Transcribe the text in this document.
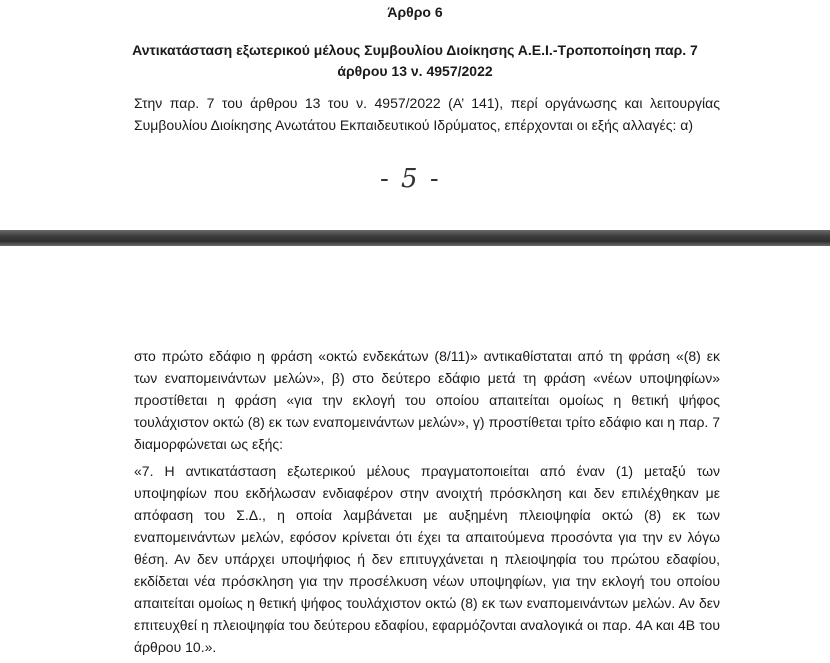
Άρθρο 6
Αντικατάσταση εξωτερικού μέλους Συμβουλίου Διοίκησης Α.Ε.Ι.-Τροποποίηση παρ. 7 άρθρου 13 ν. 4957/2022
Στην παρ. 7 του άρθρου 13 του ν. 4957/2022 (Α’ 141), περί οργάνωσης και λειτουργίας Συμβουλίου Διοίκησης Ανωτάτου Εκπαιδευτικού Ιδρύματος, επέρχονται οι εξής αλλαγές: α)
- 5 -
στο πρώτο εδάφιο η φράση «οκτώ ενδεκάτων (8/11)» αντικαθίσταται από τη φράση «(8) εκ των εναπομεινάντων μελών», β) στο δεύτερο εδάφιο μετά τη φράση «νέων υποψηφίων» προστίθεται η φράση «για την εκλογή του οποίου απαιτείται ομοίως η θετική ψήφος τουλάχιστον οκτώ (8) εκ των εναπομεινάντων μελών», γ) προστίθεται τρίτο εδάφιο και η παρ. 7 διαμορφώνεται ως εξής:
«7. Η αντικατάσταση εξωτερικού μέλους πραγματοποιείται από έναν (1) μεταξύ των υποψηφίων που εκδήλωσαν ενδιαφέρον στην ανοιχτή πρόσκληση και δεν επιλέχθηκαν με απόφαση του Σ.Δ., η οποία λαμβάνεται με αυξημένη πλειοψηφία οκτώ (8) εκ των εναπομεινάντων μελών, εφόσον κρίνεται ότι έχει τα απαιτούμενα προσόντα για την εν λόγω θέση. Αν δεν υπάρχει υποψήφιος ή δεν επιτυγχάνεται η πλειοψηφία του πρώτου εδαφίου, εκδίδεται νέα πρόσκληση για την προσέλκυση νέων υποψηφίων, για την εκλογή του οποίου απαιτείται ομοίως η θετική ψήφος τουλάχιστον οκτώ (8) εκ των εναπομεινάντων μελών. Αν δεν επιτευχθεί η πλειοψηφία του δεύτερου εδαφίου, εφαρμόζονται αναλογικά οι παρ. 4Α και 4Β του άρθρου 10.».
